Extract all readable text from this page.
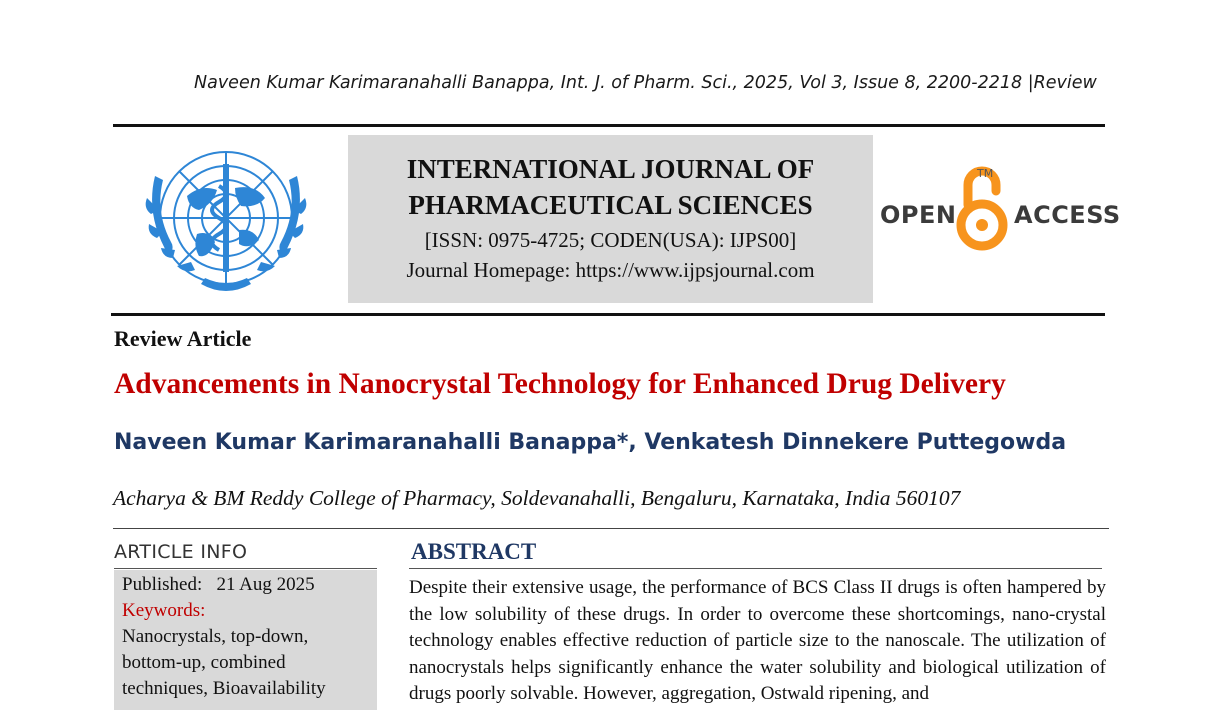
Naveen Kumar Karimaranahalli Banappa, Int. J. of Pharm. Sci., 2025, Vol 3, Issue 8, 2200-2218 |Review
INTERNATIONAL JOURNAL OF
PHARMACEUTICAL SCIENCES
[ISSN: 0975-4725; CODEN(USA): IJPS00]
Journal Homepage: https://www.ijpsjournal.com
OPEN
TM
ACCESS
Review Article
Advancements in Nanocrystal Technology for Enhanced Drug Delivery
Naveen Kumar Karimaranahalli Banappa*, Venkatesh Dinnekere Puttegowda
Acharya & BM Reddy College of Pharmacy, Soldevanahalli, Bengaluru, Karnataka, India 560107
ARTICLE INFO
Published: 21 Aug 2025
Keywords:
Nanocrystals, top-down, bottom-up, combined techniques, Bioavailability
ABSTRACT
Despite their extensive usage, the performance of BCS Class II drugs is often hampered by the low solubility of these drugs. In order to overcome these shortcomings, nano-crystal technology enables effective reduction of particle size to the nanoscale. The utilization of nanocrystals helps significantly enhance the water solubility and biological utilization of drugs poorly solvable. However, aggregation, Ostwald ripening, and
